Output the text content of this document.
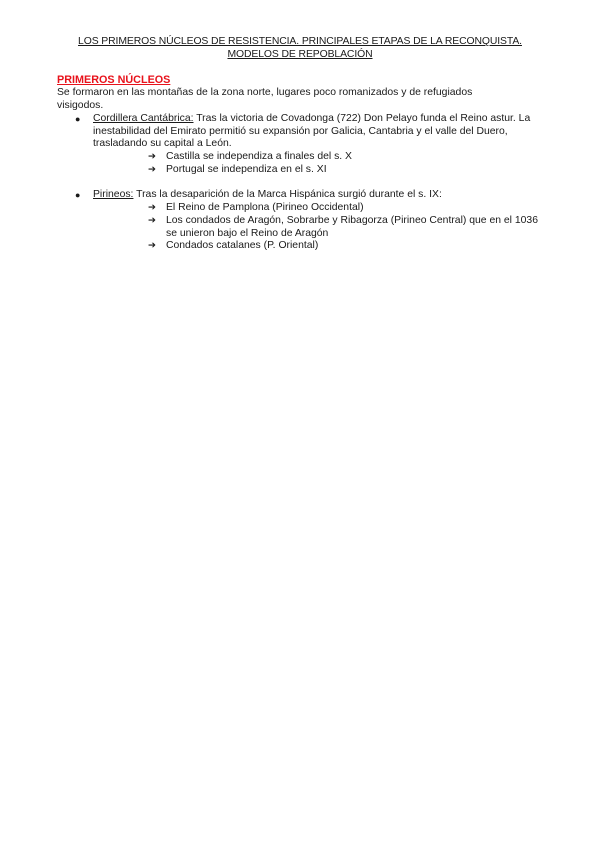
LOS PRIMEROS NÚCLEOS DE RESISTENCIA. PRINCIPALES ETAPAS DE LA RECONQUISTA.
MODELOS DE REPOBLACIÓN
PRIMEROS NÚCLEOS
Se formaron en las montañas de la zona norte, lugares poco romanizados y de refugiados visigodos.
● Cordillera Cantábrica: Tras la victoria de Covadonga (722) Don Pelayo funda el Reino astur. La inestabilidad del Emirato permitió su expansión por Galicia, Cantabria y el valle del Duero, trasladando su capital a León.
➔ Castilla se independiza a finales del s. X
➔ Portugal se independiza en el s. XI
● Pirineos: Tras la desaparición de la Marca Hispánica surgió durante el s. IX:
➔ El Reino de Pamplona (Pirineo Occidental)
➔ Los condados de Aragón, Sobrarbe y Ribagorza (Pirineo Central) que en el 1036 se unieron bajo el Reino de Aragón
➔ Condados catalanes (P. Oriental)
